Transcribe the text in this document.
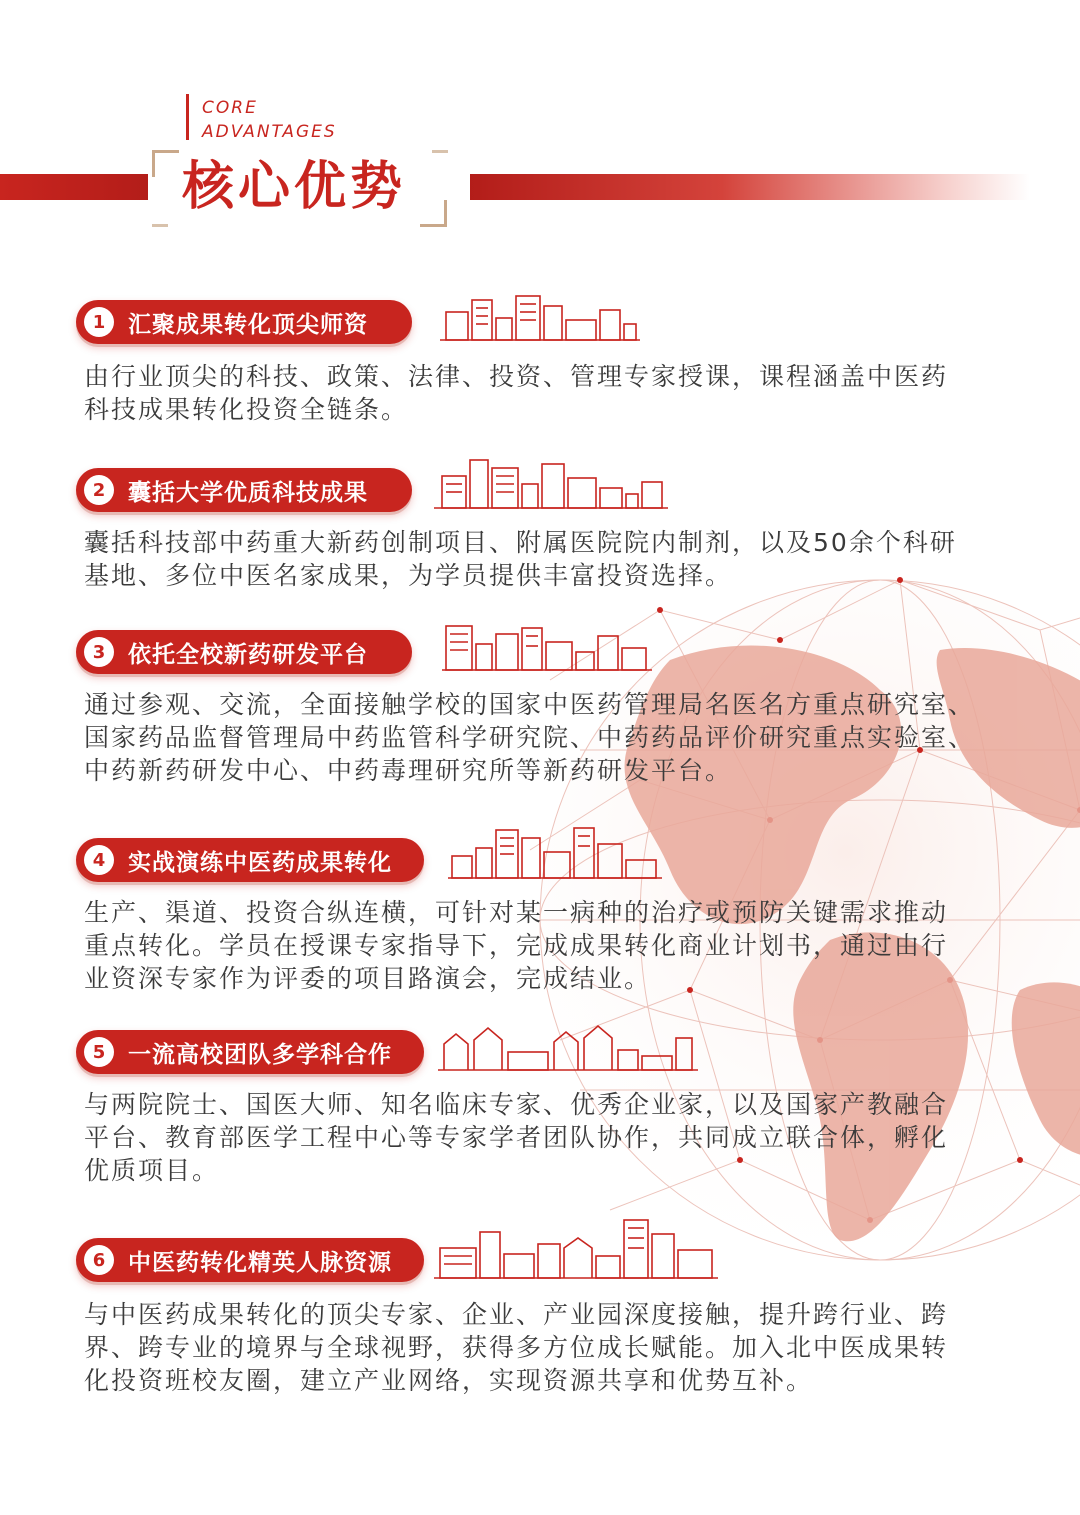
CORE
ADVANTAGES
核心优势
1 汇聚成果转化顶尖师资
由行业顶尖的科技、政策、法律、投资、管理专家授课，课程涵盖中医药
科技成果转化投资全链条。
2 囊括大学优质科技成果
囊括科技部中药重大新药创制项目、附属医院院内制剂，以及50余个科研
基地、多位中医名家成果，为学员提供丰富投资选择。
3 依托全校新药研发平台
通过参观、交流，全面接触学校的国家中医药管理局名医名方重点研究室、
国家药品监督管理局中药监管科学研究院、中药药品评价研究重点实验室、
中药新药研发中心、中药毒理研究所等新药研发平台。
4 实战演练中医药成果转化
生产、渠道、投资合纵连横，可针对某一病种的治疗或预防关键需求推动
重点转化。学员在授课专家指导下，完成成果转化商业计划书，通过由行
业资深专家作为评委的项目路演会，完成结业。
5 一流高校团队多学科合作
与两院院士、国医大师、知名临床专家、优秀企业家，以及国家产教融合
平台、教育部医学工程中心等专家学者团队协作，共同成立联合体，孵化
优质项目。
6 中医药转化精英人脉资源
与中医药成果转化的顶尖专家、企业、产业园深度接触，提升跨行业、跨
界、跨专业的境界与全球视野，获得多方位成长赋能。加入北中医成果转
化投资班校友圈，建立产业网络，实现资源共享和优势互补。
